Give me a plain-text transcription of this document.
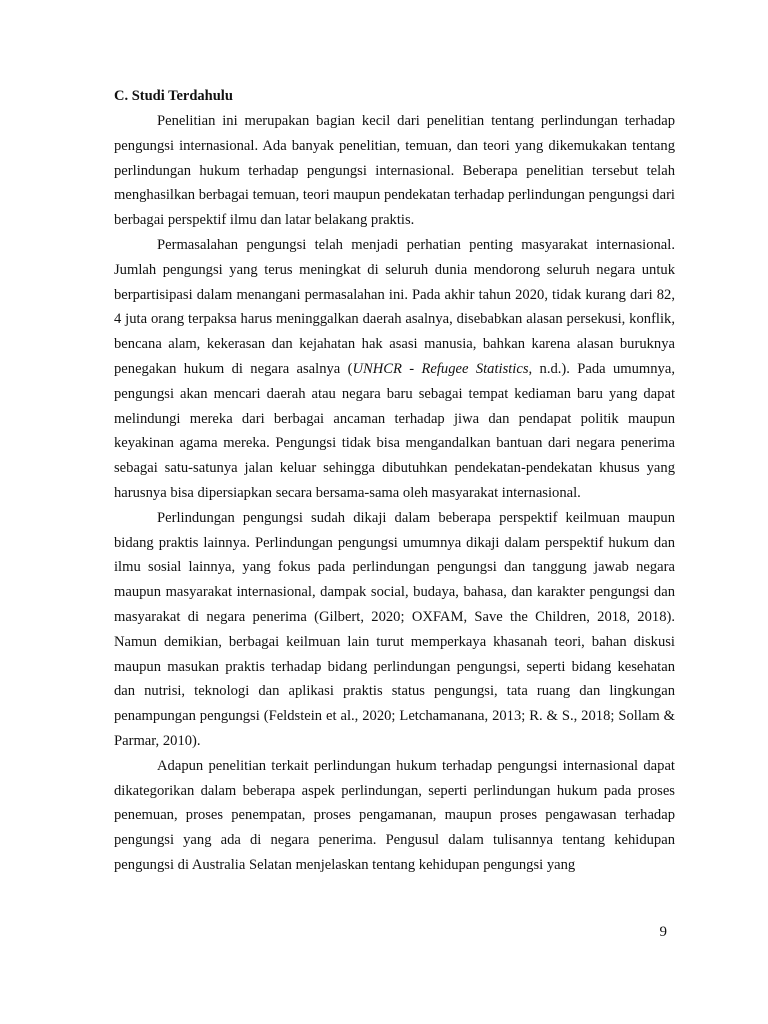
C. Studi Terdahulu

Penelitian ini merupakan bagian kecil dari penelitian tentang perlindungan terhadap pengungsi internasional. Ada banyak penelitian, temuan, dan teori yang dikemukakan tentang perlindungan hukum terhadap pengungsi internasional. Beberapa penelitian tersebut telah menghasilkan berbagai temuan, teori maupun pendekatan terhadap perlindungan pengungsi dari berbagai perspektif ilmu dan latar belakang praktis.

Permasalahan pengungsi telah menjadi perhatian penting masyarakat internasional. Jumlah pengungsi yang terus meningkat di seluruh dunia mendorong seluruh negara untuk berpartisipasi dalam menangani permasalahan ini. Pada akhir tahun 2020, tidak kurang dari 82, 4 juta orang terpaksa harus meninggalkan daerah asalnya, disebabkan alasan persekusi, konflik, bencana alam, kekerasan dan kejahatan hak asasi manusia, bahkan karena alasan buruknya penegakan hukum di negara asalnya (UNHCR - Refugee Statistics, n.d.). Pada umumnya, pengungsi akan mencari daerah atau negara baru sebagai tempat kediaman baru yang dapat melindungi mereka dari berbagai ancaman terhadap jiwa dan pendapat politik maupun keyakinan agama mereka. Pengungsi tidak bisa mengandalkan bantuan dari negara penerima sebagai satu-satunya jalan keluar sehingga dibutuhkan pendekatan-pendekatan khusus yang harusnya bisa dipersiapkan secara bersama-sama oleh masyarakat internasional.

Perlindungan pengungsi sudah dikaji dalam beberapa perspektif keilmuan maupun bidang praktis lainnya. Perlindungan pengungsi umumnya dikaji dalam perspektif hukum dan ilmu sosial lainnya, yang fokus pada perlindungan pengungsi dan tanggung jawab negara maupun masyarakat internasional, dampak social, budaya, bahasa, dan karakter pengungsi dan masyarakat di negara penerima (Gilbert, 2020; OXFAM, Save the Children, 2018, 2018). Namun demikian, berbagai keilmuan lain turut memperkaya khasanah teori, bahan diskusi maupun masukan praktis terhadap bidang perlindungan pengungsi, seperti bidang kesehatan dan nutrisi, teknologi dan aplikasi praktis status pengungsi, tata ruang dan lingkungan penampungan pengungsi (Feldstein et al., 2020; Letchamanana, 2013; R. & S., 2018; Sollam & Parmar, 2010).

Adapun penelitian terkait perlindungan hukum terhadap pengungsi internasional dapat dikategorikan dalam beberapa aspek perlindungan, seperti perlindungan hukum pada proses penemuan, proses penempatan, proses pengamanan, maupun proses pengawasan terhadap pengungsi yang ada di negara penerima. Pengusul dalam tulisannya tentang kehidupan pengungsi di Australia Selatan menjelaskan tentang kehidupan pengungsi yang

9
